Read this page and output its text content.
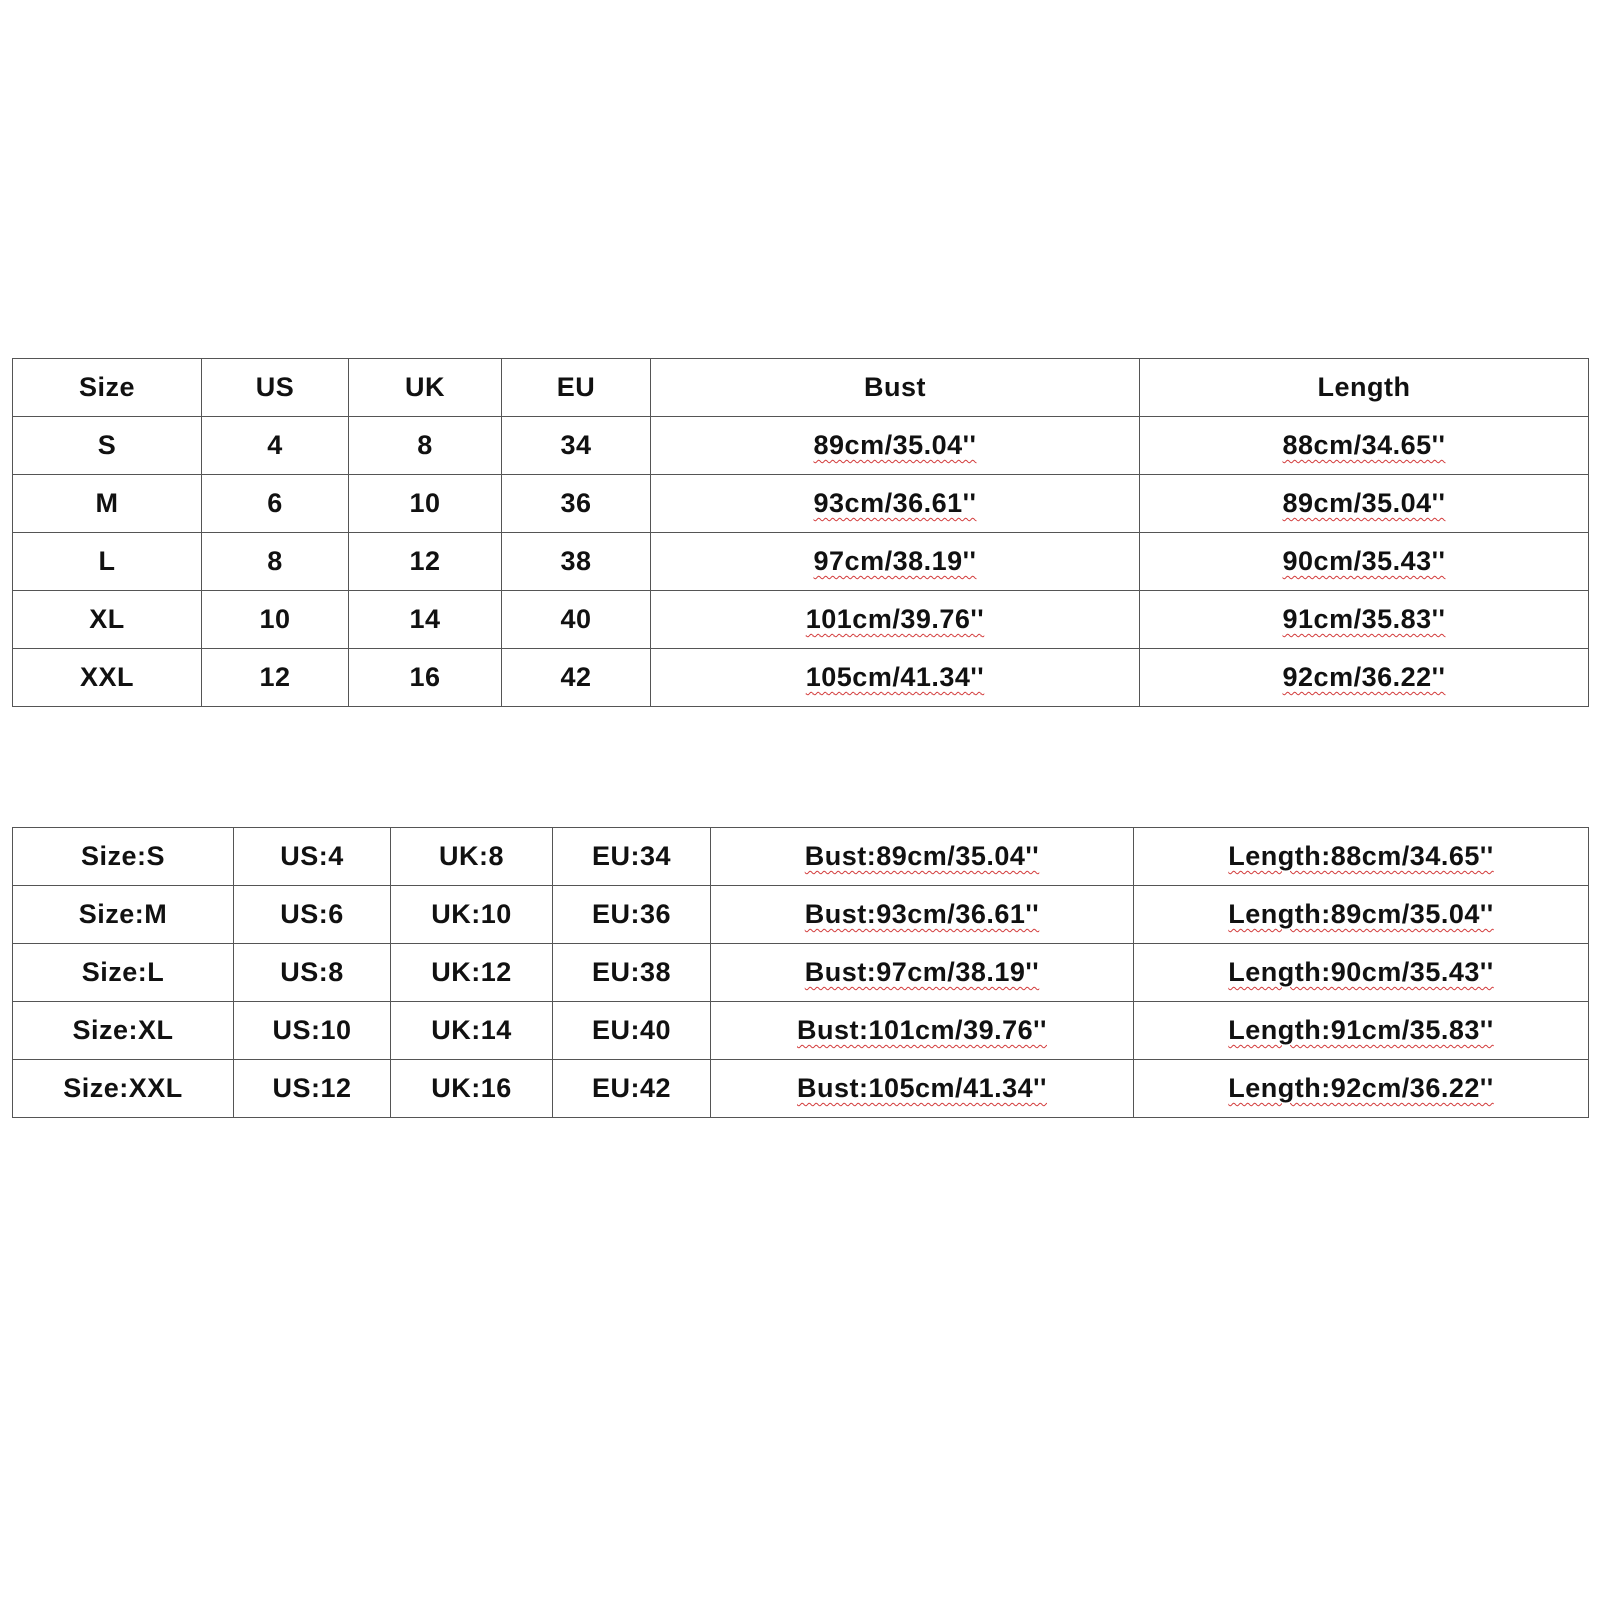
Size	US	UK	EU	Bust	Length
S	4	8	34	89cm/35.04''	88cm/34.65''
M	6	10	36	93cm/36.61''	89cm/35.04''
L	8	12	38	97cm/38.19''	90cm/35.43''
XL	10	14	40	101cm/39.76''	91cm/35.83''
XXL	12	16	42	105cm/41.34''	92cm/36.22''
Size:S	US:4	UK:8	EU:34	Bust:89cm/35.04''	Length:88cm/34.65''
Size:M	US:6	UK:10	EU:36	Bust:93cm/36.61''	Length:89cm/35.04''
Size:L	US:8	UK:12	EU:38	Bust:97cm/38.19''	Length:90cm/35.43''
Size:XL	US:10	UK:14	EU:40	Bust:101cm/39.76''	Length:91cm/35.83''
Size:XXL	US:12	UK:16	EU:42	Bust:105cm/41.34''	Length:92cm/36.22''
